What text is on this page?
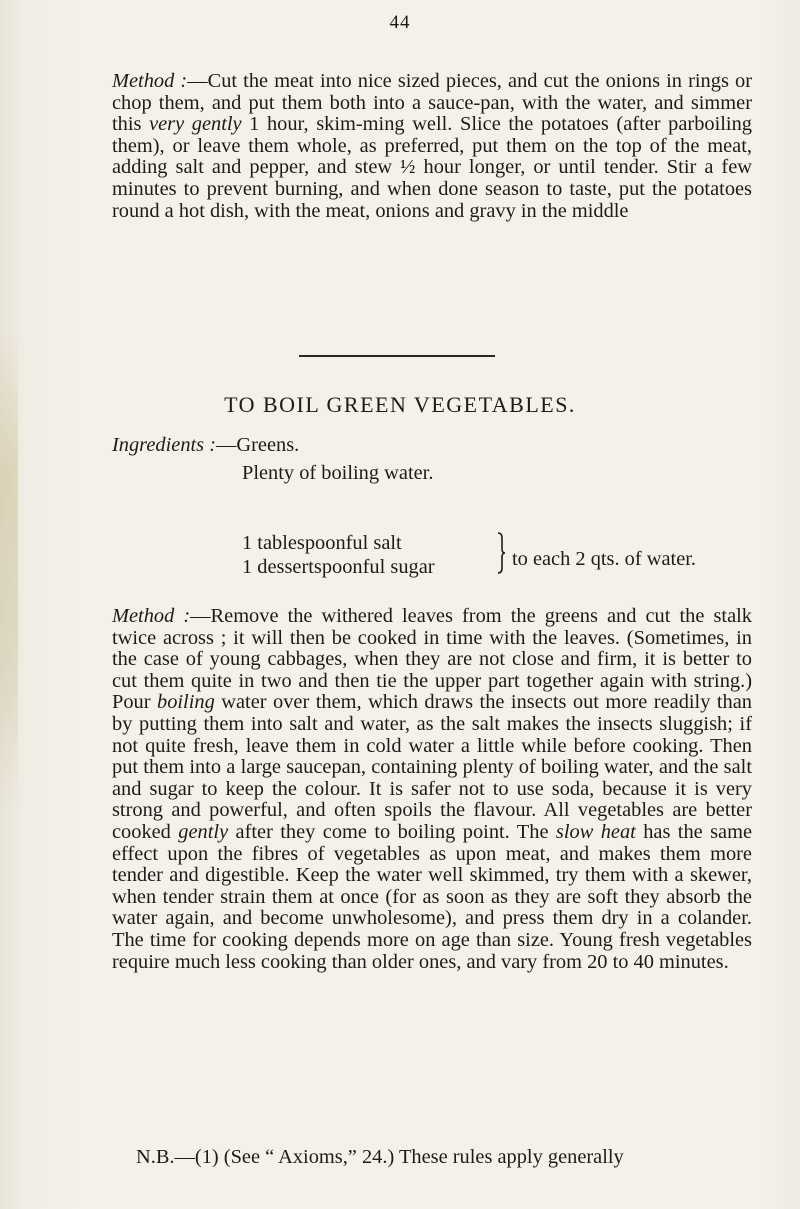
44

Method :—Cut the meat into nice sized pieces, and cut the onions in rings or chop them, and put them both into a sauce-pan, with the water, and simmer this very gently 1 hour, skim-ming well. Slice the potatoes (after parboiling them), or leave them whole, as preferred, put them on the top of the meat, adding salt and pepper, and stew ½ hour longer, or until tender. Stir a few minutes to prevent burning, and when done season to taste, put the potatoes round a hot dish, with the meat, onions and gravy in the middle

TO BOIL GREEN VEGETABLES.
Ingredients :—Greens.
Plenty of boiling water.
1 tablespoonful salt
1 dessertspoonful sugar	to each 2 qts. of water.

Method :—Remove the withered leaves from the greens and cut the stalk twice across ; it will then be cooked in time with the leaves. (Sometimes, in the case of young cabbages, when they are not close and firm, it is better to cut them quite in two and then tie the upper part together again with string.) Pour boiling water over them, which draws the insects out more readily than by putting them into salt and water, as the salt makes the insects sluggish; if not quite fresh, leave them in cold water a little while before cooking. Then put them into a large saucepan, containing plenty of boiling water, and the salt and sugar to keep the colour. It is safer not to use soda, because it is very strong and powerful, and often spoils the flavour. All vegetables are better cooked gently after they come to boiling point. The slow heat has the same effect upon the fibres of vegetables as upon meat, and makes them more tender and digestible. Keep the water well skimmed, try them with a skewer, when tender strain them at once (for as soon as they are soft they absorb the water again, and become unwholesome), and press them dry in a colander. The time for cooking depends more on age than size. Young fresh vegetables require much less cooking than older ones, and vary from 20 to 40 minutes.

N.B.—(1) (See “ Axioms,” 24.) These rules apply generally
